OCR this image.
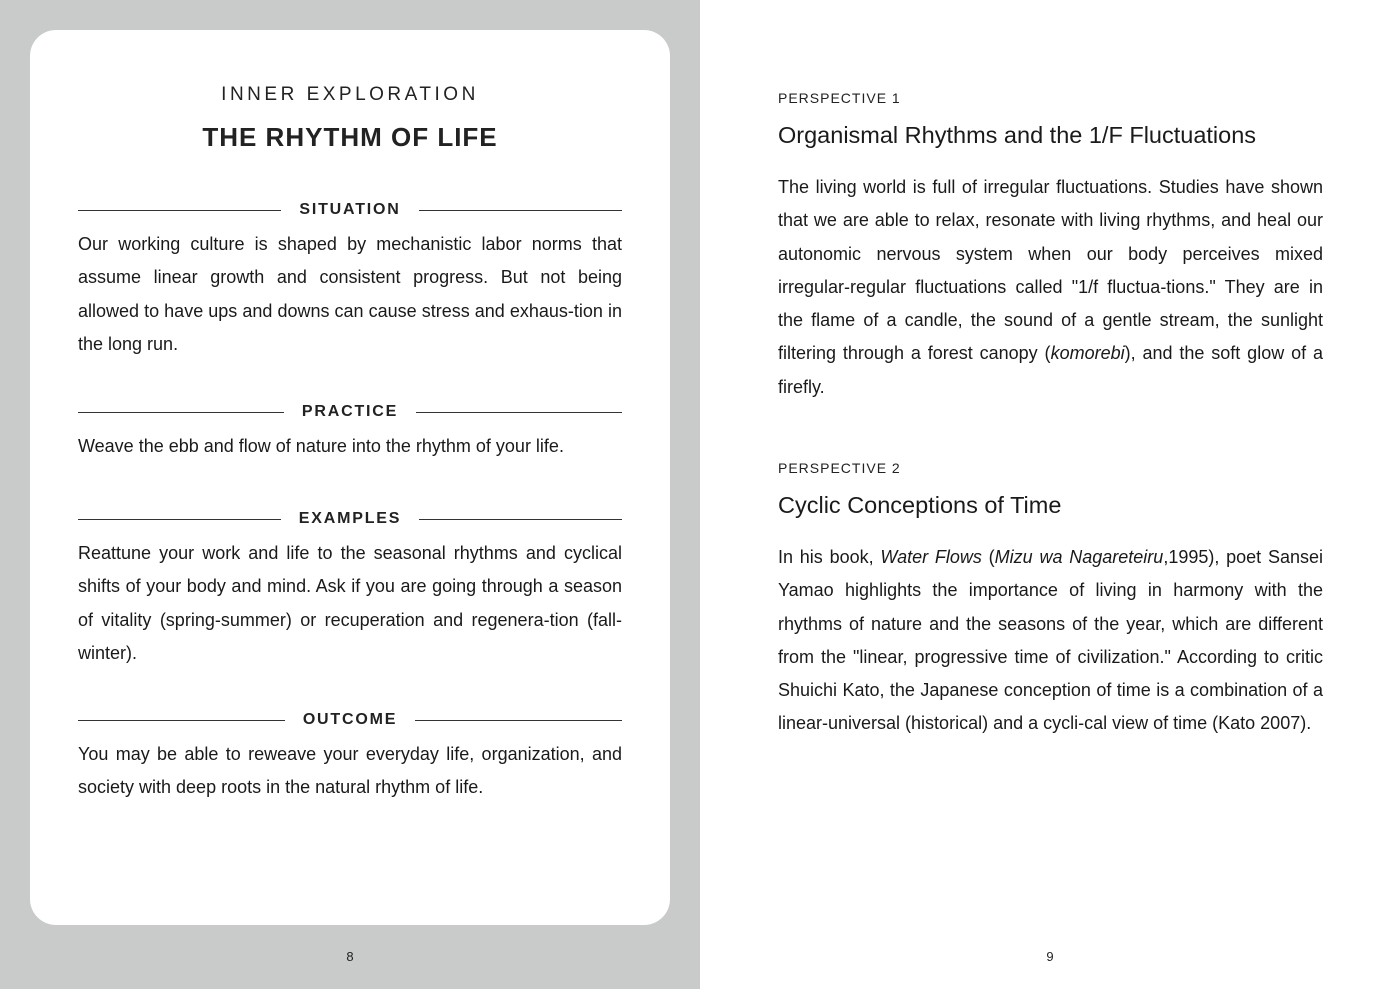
INNER EXPLORATION
THE RHYTHM OF LIFE
SITUATION
Our working culture is shaped by mechanistic labor norms that assume linear growth and consistent progress. But not being allowed to have ups and downs can cause stress and exhaus-tion in the long run.
PRACTICE
Weave the ebb and flow of nature into the rhythm of your life.
EXAMPLES
Reattune your work and life to the seasonal rhythms and cyclical shifts of your body and mind. Ask if you are going through a season of vitality (spring-summer) or recuperation and regenera-tion (fall-winter).
OUTCOME
You may be able to reweave your everyday life, organization, and society with deep roots in the natural rhythm of life.
8
PERSPECTIVE 1
Organismal Rhythms and the 1/F Fluctuations
The living world is full of irregular fluctuations. Studies have shown that we are able to relax, resonate with living rhythms, and heal our autonomic nervous system when our body perceives mixed irregular-regular fluctuations called "1/f fluctua-tions." They are in the flame of a candle, the sound of a gentle stream, the sunlight filtering through a forest canopy (komorebi), and the soft glow of a firefly.
PERSPECTIVE 2
Cyclic Conceptions of Time
In his book, Water Flows (Mizu wa Nagareteiru,1995), poet Sansei Yamao highlights the importance of living in harmony with the rhythms of nature and the seasons of the year, which are different from the "linear, progressive time of civilization." According to critic Shuichi Kato, the Japanese conception of time is a combination of a linear-universal (historical) and a cycli-cal view of time (Kato 2007).
9
